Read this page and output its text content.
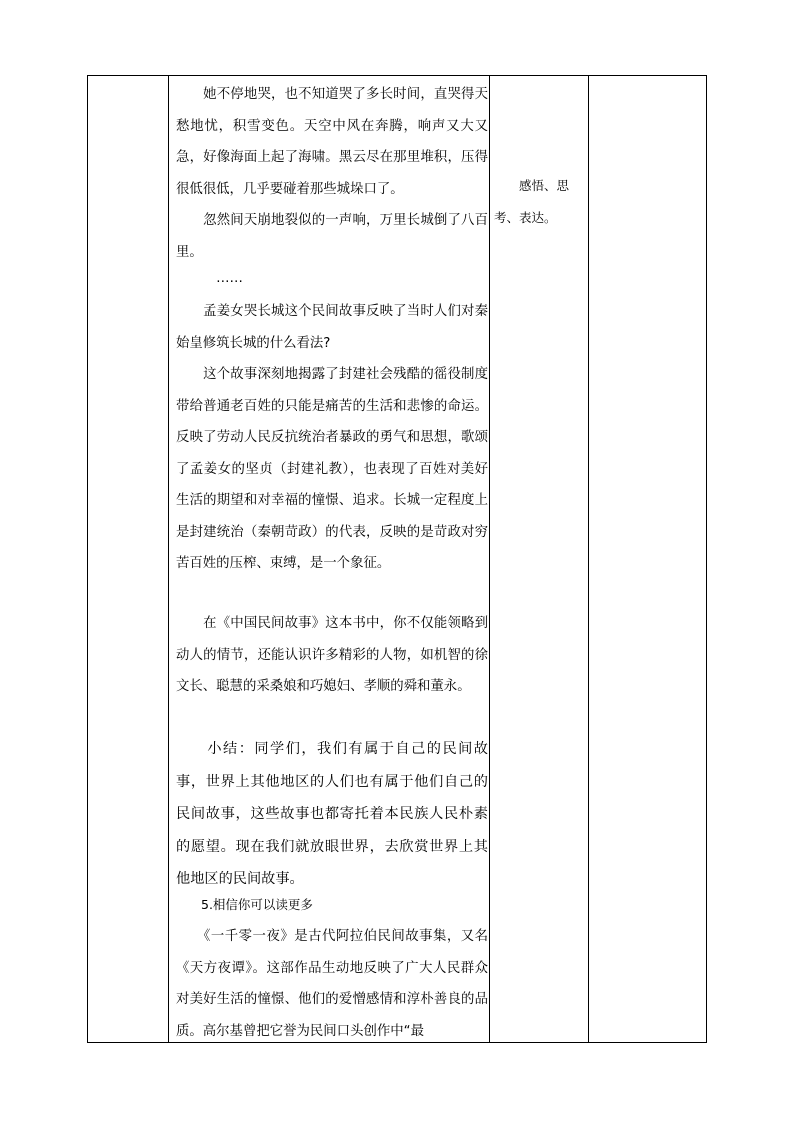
　　她不停地哭，也不知道哭了多长时间，直哭得天愁地忧，积雪变色。天空中风在奔腾，响声又大又急，好像海面上起了海啸。黑云尽在那里堆积，压得很低很低，几乎要碰着那些城垛口了。

　　忽然间天崩地裂似的一声响，万里长城倒了八百里。

　　　……

　　孟姜女哭长城这个民间故事反映了当时人们对秦始皇修筑长城的什么看法?

　　这个故事深刻地揭露了封建社会残酷的徭役制度带给普通老百姓的只能是痛苦的生活和悲惨的命运。反映了劳动人民反抗统治者暴政的勇气和思想，歌颂了孟姜女的坚贞（封建礼教），也表现了百姓对美好生活的期望和对幸福的憧憬、追求。长城一定程度上是封建统治（秦朝苛政）的代表，反映的是苛政对穷苦百姓的压榨、束缚，是一个象征。

　　在《中国民间故事》这本书中，你不仅能领略到动人的情节，还能认识许多精彩的人物，如机智的徐文长、聪慧的采桑娘和巧媳妇、孝顺的舜和董永。

　　小结：同学们，我们有属于自己的民间故事，世界上其他地区的人们也有属于他们自己的民间故事，这些故事也都寄托着本民族人民朴素的愿望。现在我们就放眼世界，去欣赏世界上其他地区的民间故事。

　　5.相信你可以读更多

　　《一千零一夜》是古代阿拉伯民间故事集，又名《天方夜谭》。这部作品生动地反映了广大人民群众对美好生活的憧憬、他们的爱憎感情和淳朴善良的品质。高尔基曾把它誉为民间口头创作中“最

　　感悟、思考、表达。
